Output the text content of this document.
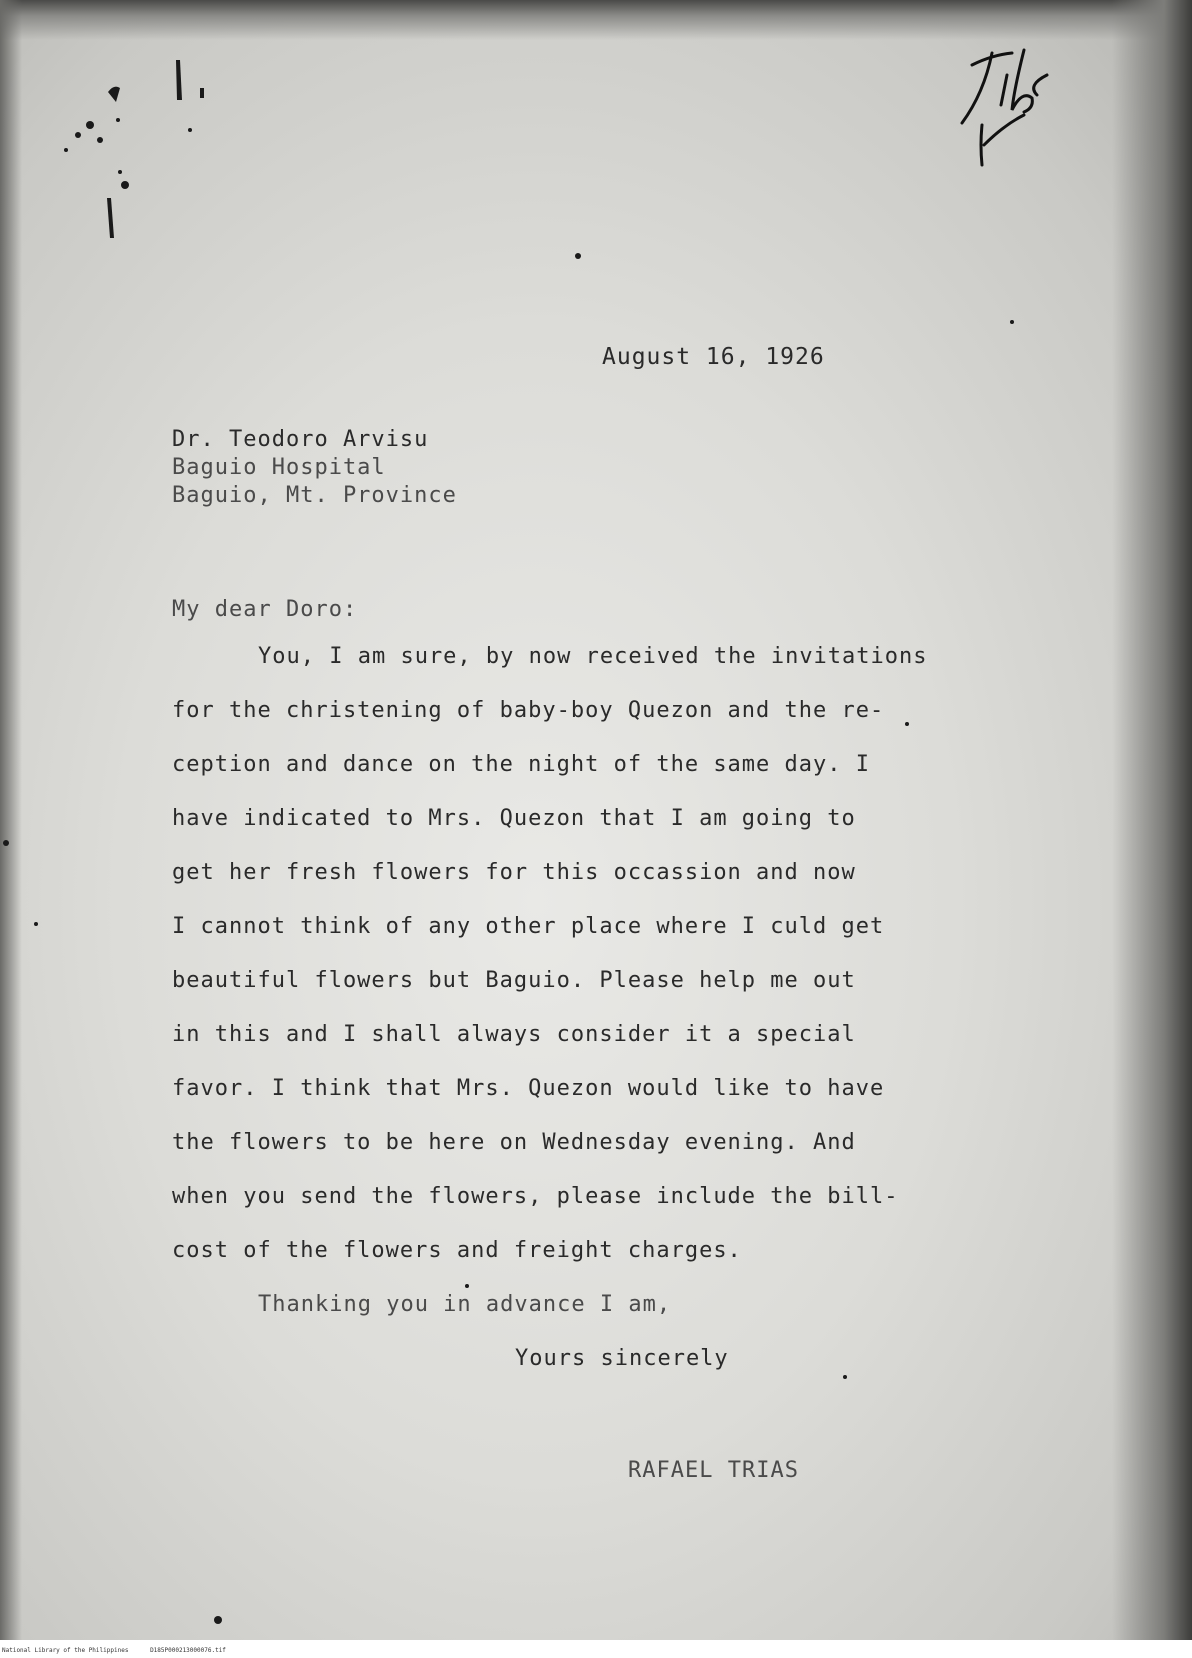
August 16, 1926
Dr. Teodoro Arvisu
Baguio Hospital
Baguio, Mt. Province
My dear Doro:
You, I am sure, by now received the invitations
for the christening of baby-boy Quezon and the re-
ception and dance on the night of the same day. I
have indicated to Mrs. Quezon that I am going to
get her fresh flowers for this occassion and now
I cannot think of any other place where I culd get
beautiful flowers but Baguio. Please help me out
in this and I shall always consider it a special
favor. I think that Mrs. Quezon would like to have
the flowers to be here on Wednesday evening. And
when you send the flowers, please include the bill-
cost of the flowers and freight charges.
Thanking you in advance I am,
Yours sincerely
RAFAEL TRIAS
National Library of the Philippines	D185P000213000076.tif
